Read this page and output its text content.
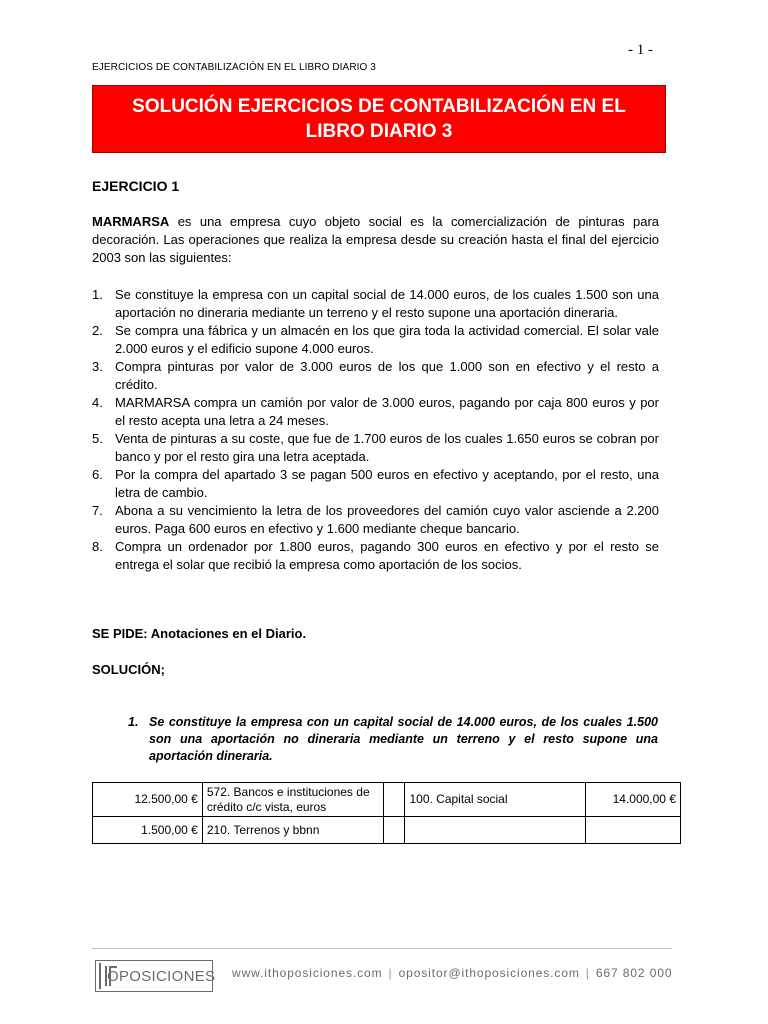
- 1 -
EJERCICIOS DE CONTABILIZACIÓN EN EL LIBRO DIARIO 3
SOLUCIÓN EJERCICIOS DE CONTABILIZACIÓN EN EL LIBRO DIARIO 3
EJERCICIO 1
MARMARSA es una empresa cuyo objeto social es la comercialización de pinturas para decoración. Las operaciones que realiza la empresa desde su creación hasta el final del ejercicio 2003 son las siguientes:
1. Se constituye la empresa con un capital social de 14.000 euros, de los cuales 1.500 son una aportación no dineraria mediante un terreno y el resto supone una aportación dineraria.
2. Se compra una fábrica y un almacén en los que gira toda la actividad comercial. El solar vale 2.000 euros y el edificio supone 4.000 euros.
3. Compra pinturas por valor de 3.000 euros de los que 1.000 son en efectivo y el resto a crédito.
4. MARMARSA compra un camión por valor de 3.000 euros, pagando por caja 800 euros y por el resto acepta una letra a 24 meses.
5. Venta de pinturas a su coste, que fue de 1.700 euros de los cuales 1.650 euros se cobran por banco y por el resto gira una letra aceptada.
6. Por la compra del apartado 3 se pagan 500 euros en efectivo y aceptando, por el resto, una letra de cambio.
7. Abona a su vencimiento la letra de los proveedores del camión cuyo valor asciende a 2.200 euros. Paga 600 euros en efectivo y 1.600 mediante cheque bancario.
8. Compra un ordenador por 1.800 euros, pagando 300 euros en efectivo y por el resto se entrega el solar que recibió la empresa como aportación de los socios.
SE PIDE: Anotaciones en el Diario.
SOLUCIÓN;
1. Se constituye la empresa con un capital social de 14.000 euros, de los cuales 1.500 son una aportación no dineraria mediante un terreno y el resto supone una aportación dineraria.
12.500,00 €	572. Bancos e instituciones de crédito c/c vista, euros		100. Capital social	14.000,00 €
1.500,00 €	210. Terrenos y bbnn			
OPOSICIONES www.ithoposiciones.com | opositor@ithoposiciones.com | 667 802 000
